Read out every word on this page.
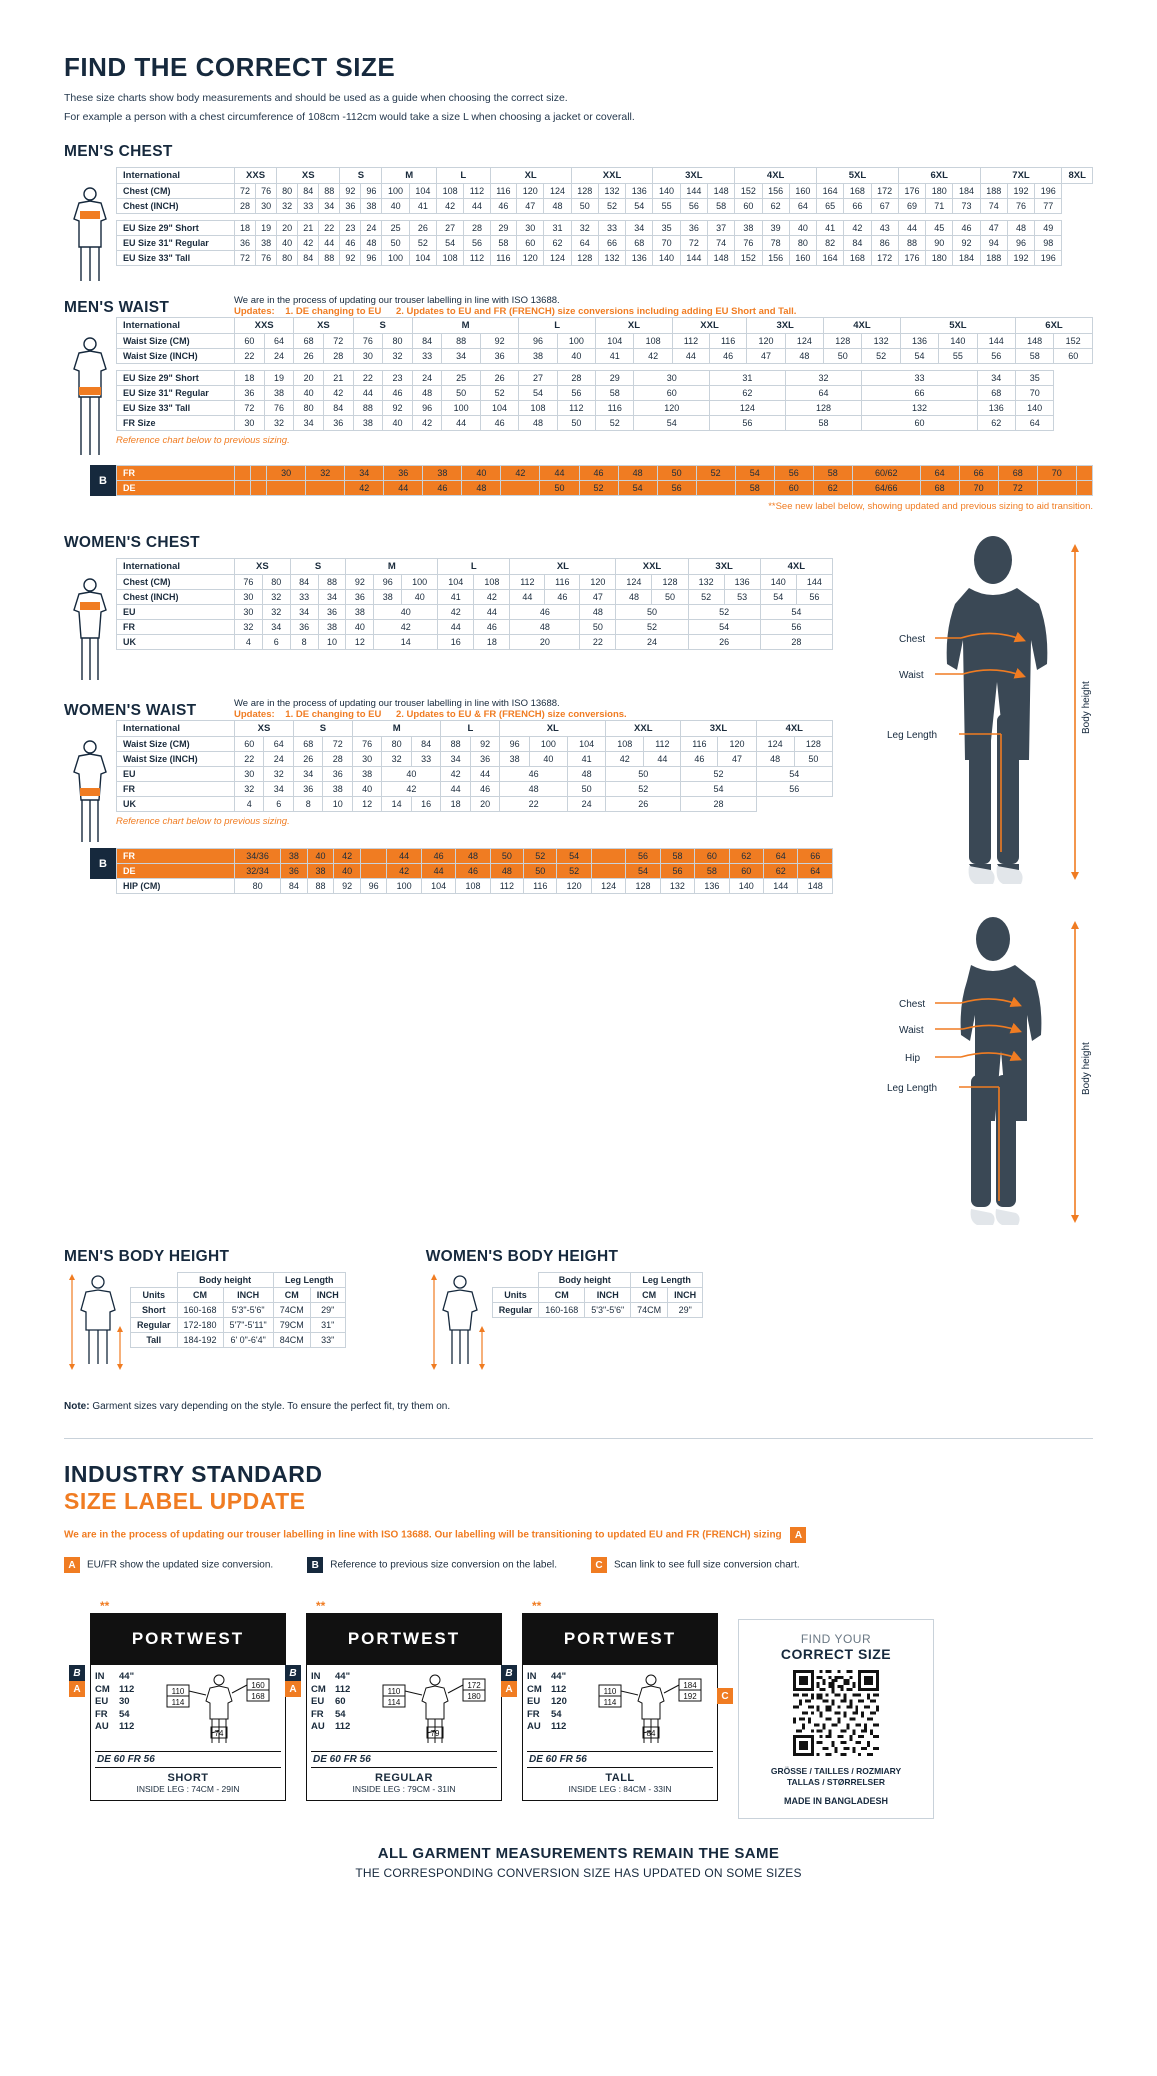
FIND THE CORRECT SIZE

These size charts show body measurements and should be used as a guide when choosing the correct size.

For example a person with a chest circumference of 108cm -112cm would take a size L when choosing a jacket or coverall.

MEN'S CHEST
International	XXS		XS			S		M		L		XL			XXL			3XL			4XL			5XL			6XL			7XL			8XL
Chest (CM)	72	76	80	84	88	92	96	100	104	108	112	116	120	124	128	132	136	140	144	148	152	156	160	164	168	172	176	180	184	188	192	196	
Chest (INCH)	28	30	32	33	34	36	38	40	41	42	44	46	47	48	50	52	54	55	56	58	60	62	64	65	66	67	69	71	73	74	76	77	

EU Size 29" Short	18	19	20	21	22	23	24	25	26	27	28	29	30	31	32	33	34	35	36	37	38	39	40	41	42	43	44	45	46	47	48	49	
EU Size 31" Regular	36	38	40	42	44	46	48	50	52	54	56	58	60	62	64	66	68	70	72	74	76	78	80	82	84	86	88	90	92	94	96	98	
EU Size 33" Tall	72	76	80	84	88	92	96	100	104	108	112	116	120	124	128	132	136	140	144	148	152	156	160	164	168	172	176	180	184	188	192	196	
MEN'S WAIST	We are in the process of updating our trouser labelling in line with ISO 13688.
Updates: 1. DE changing to EU 2. Updates to EU and FR (FRENCH) size conversions including adding EU Short and Tall.
International	XXS		XS		S		M			L		XL		XXL		3XL		4XL		5XL			6XL	
Waist Size (CM)	60	64	68	72	76	80	84	88	92	96	100	104	108	112	116	120	124	128	132	136	140	144	148	152
Waist Size (INCH)	22	24	26	28	30	32	33	34	36	38	40	41	42	44	46	47	48	50	52	54	55	56	58	60

EU Size 29" Short	18	19	20	21	22	23	24	25	26	27	28	29	30		31		32		33			34	35	
EU Size 31" Regular	36	38	40	42	44	46	48	50	52	54	56	58	60		62		64		66			68	70	
EU Size 33" Tall	72	76	80	84	88	92	96	100	104	108	112	116	120		124		128		132			136	140	
FR Size	30	32	34	36	38	40	42	44	46	48	50	52	54		56		58		60			62	64	
Reference chart below to previous sizing.
B
FR			30	32	34	36	38	40	42	44	46	48	50	52	54	56	58	60/62	64	66	68	70	
DE					42	44	46	48		50	52	54	56		58	60	62	64/66	68	70	72		
**See new label below, showing updated and previous sizing to aid transition.
WOMEN'S CHEST
International	XS		S		M			L		XL			XXL		3XL		4XL	
Chest (CM)	76	80	84	88	92	96	100	104	108	112	116	120	124	128	132	136	140	144
Chest (INCH)	30	32	33	34	36	38	40	41	42	44	46	47	48	50	52	53	54	56
EU	30	32	34	36	38	40		42	44	46		48	50		52		54	
FR	32	34	36	38	40	42		44	46	48		50	52		54		56	
UK	4	6	8	10	12	14		16	18	20		22	24		26		28	
WOMEN'S WAIST	We are in the process of updating our trouser labelling in line with ISO 13688.
Updates: 1. DE changing to EU 2. Updates to EU & FR (FRENCH) size conversions.
International	XS		S		M			L		XL			XXL		3XL		4XL	
Waist Size (CM)	60	64	68	72	76	80	84	88	92	96	100	104	108	112	116	120	124	128
Waist Size (INCH)	22	24	26	28	30	32	33	34	36	38	40	41	42	44	46	47	48	50
EU	30	32	34	36	38	40		42	44	46		48	50		52		54	
FR	32	34	36	38	40	42		44	46	48		50	52		54		56	
UK	4	6	8	10	12	14	16	18	20	22		24	26		28			
Reference chart below to previous sizing.
B
FR	34/36	38	40	42		44	46	48	50	52	54		56	58	60	62	64	66
DE	32/34	36	38	40		42	44	46	48	50	52		54	56	58	60	62	64
HIP (CM)	80	84	88	92	96	100	104	108	112	116	120	124	128	132	136	140	144	148
Chest
Waist
Leg Length
Body height

Chest
Waist
Hip
Leg Length	Body height
MEN'S BODY HEIGHT
	Body height		Leg Length	
Units	CM	INCH	CM	INCH
Short	160-168	5'3"-5'6"	74CM	29"
Regular	172-180	5'7"-5'11"	79CM	31"
Tall	184-192	6' 0"-6'4"	84CM	33"
WOMEN'S BODY HEIGHT
	Body height		Leg Length	
Units	CM	INCH	CM	INCH
Regular	160-168	5'3"-5'6"	74CM	29"
Note: Garment sizes vary depending on the style. To ensure the perfect fit, try them on.
INDUSTRY STANDARD
SIZE LABEL UPDATE
We are in the process of updating our trouser labelling in line with ISO 13688. Our labelling will be transitioning to updated EU and FR (FRENCH) sizing A
A EU/FR show the updated size conversion.	B Reference to previous size conversion on the label.	C Scan link to see full size conversion chart.
**
PORTWEST
A
IN	44"
CM 112
EU	30
FR	54
AU	112
110
114
160
168
74
B
DE 60 FR 56
SHORT
INSIDE LEG : 74CM - 29IN
**
PORTWEST
A
IN	44"
CM 112
EU	60
FR	54
AU	112
110
114
172
180
79
B
DE 60 FR 56
REGULAR
INSIDE LEG : 79CM - 31IN
**
PORTWEST
A
IN	44"
CM 112
EU	120
FR	54
AU	112
110
114
184
192
84
B
DE 60 FR 56
TALL
INSIDE LEG : 84CM - 33IN
C
FIND YOUR
CORRECT SIZE
GRÖSSE / TAILLES / ROZMIARY
TALLAS / STØRRELSER
MADE IN BANGLADESH
ALL GARMENT MEASUREMENTS REMAIN THE SAME
THE CORRESPONDING CONVERSION SIZE HAS UPDATED ON SOME SIZES
